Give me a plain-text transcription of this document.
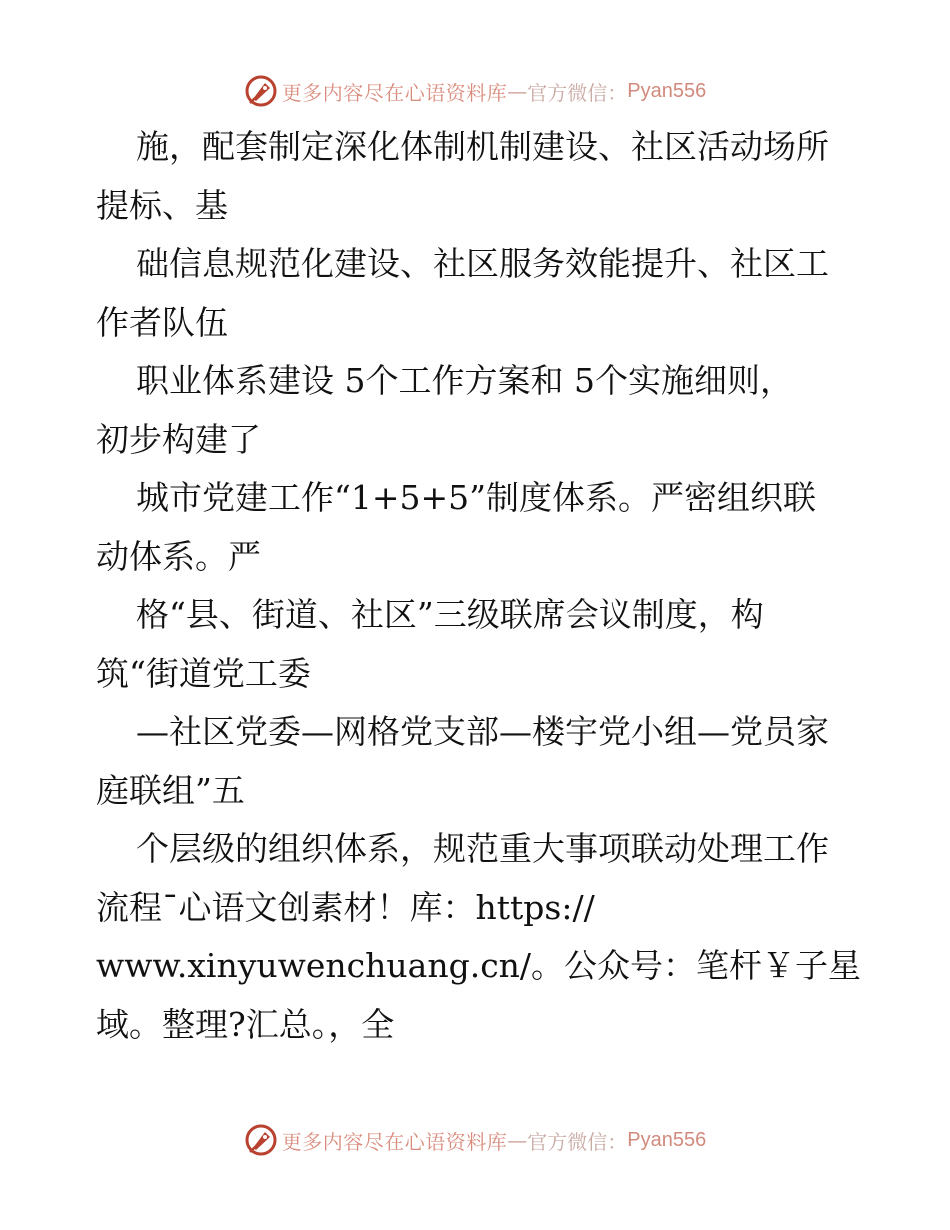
更多内容尽在心语资料库 — 官方微信： Pyan556
施，配套制定深化体制机制建设、社区活动场所
提标、基
础信息规范化建设、社区服务效能提升、社区工
作者队伍
职业体系建设 5个工作方案和 5个实施细则，
初步构建了
城市党建工作“1+5+5”制度体系。严密组织联
动体系。严
格“县、街道、社区”三级联席会议制度，构
筑“街道党工委
—社区党委—网格党支部—楼宇党小组—党员家
庭联组”五
个层级的组织体系，规范重大事项联动处理工作
流程¯心语文创素材！库：https://
www.xinyuwenchuang.cn/。公众号：笔杆￥子星
域。整理?汇总。，全
更多内容尽在心语资料库 — 官方微信： Pyan556
